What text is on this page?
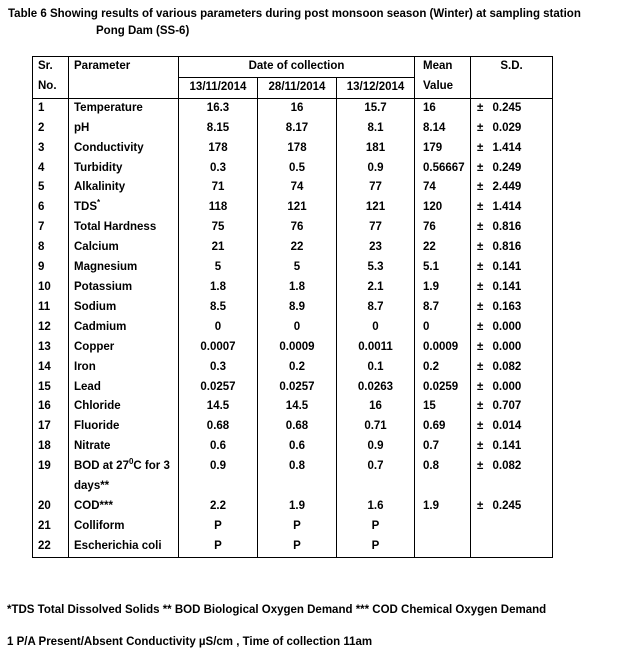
Table 6 Showing results of various parameters during post monsoon season (Winter) at sampling station
Pong Dam (SS-6)
Sr.	Parameter	Date of collection			Mean	S.D.	
No.		13/11/2014	28/11/2014	13/12/2014	Value		
1	Temperature	16.3	16	15.7	16	±	0.245
2	pH	8.15	8.17	8.1	8.14	±	0.029
3	Conductivity	178	178	181	179	±	1.414
4	Turbidity	0.3	0.5	0.9	0.56667	±	0.249
5	Alkalinity	71	74	77	74	±	2.449
6	TDS*	118	121	121	120	±	1.414
7	Total Hardness	75	76	77	76	±	0.816
8	Calcium	21	22	23	22	±	0.816
9	Magnesium	5	5	5.3	5.1	±	0.141
10	Potassium	1.8	1.8	2.1	1.9	±	0.141
11	Sodium	8.5	8.9	8.7	8.7	±	0.163
12	Cadmium	0	0	0	0	±	0.000
13	Copper	0.0007	0.0009	0.0011	0.0009	±	0.000
14	Iron	0.3	0.2	0.1	0.2	±	0.082
15	Lead	0.0257	0.0257	0.0263	0.0259	±	0.000
16	Chloride	14.5	14.5	16	15	±	0.707
17	Fluoride	0.68	0.68	0.71	0.69	±	0.014
18	Nitrate	0.6	0.6	0.9	0.7	±	0.141
19	BOD at $27^0C$ for 3	0.9	0.8	0.7	0.8	±	0.082
	days**						
20	COD***	2.2	1.9	1.6	1.9	±	0.245
21	Colliform	P	P	P			
22	Escherichia coli	P	P	P			
*TDS Total Dissolved Solids ** BOD Biological Oxygen Demand *** COD Chemical Oxygen Demand
1 P/A Present/Absent Conductivity µS/cm , Time of collection 11am
